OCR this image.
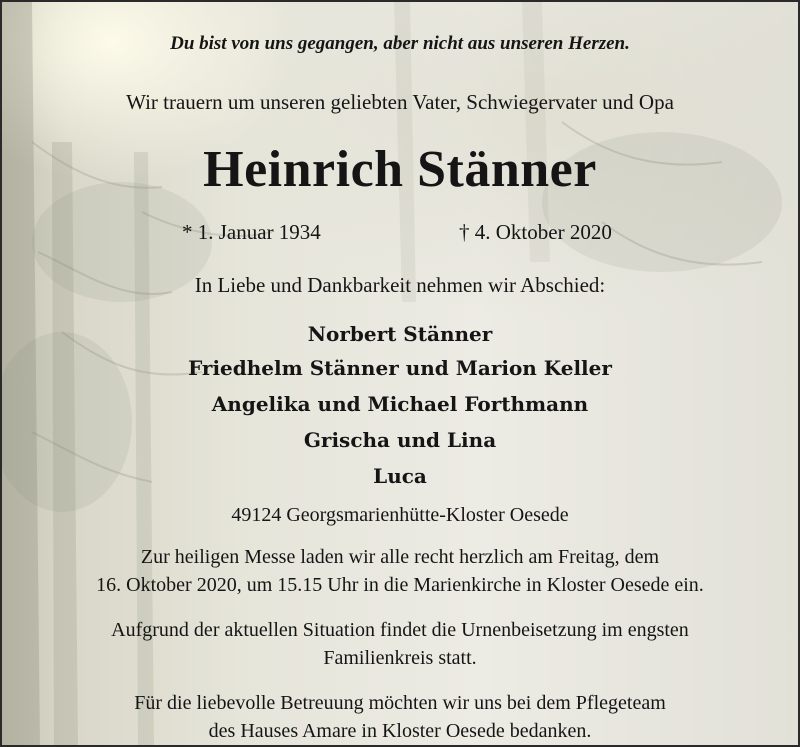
Du bist von uns gegangen, aber nicht aus unseren Herzen.
Wir trauern um unseren geliebten Vater, Schwiegervater und Opa
Heinrich Stänner
* 1. Januar 1934	† 4. Oktober 2020
In Liebe und Dankbarkeit nehmen wir Abschied:
Norbert Stänner
Friedhelm Stänner und Marion Keller
Angelika und Michael Forthmann
Grischa und Lina
Luca
49124 Georgsmarienhütte-Kloster Oesede
Zur heiligen Messe laden wir alle recht herzlich am Freitag, dem
16. Oktober 2020, um 15.15 Uhr in die Marienkirche in Kloster Oesede ein.
Aufgrund der aktuellen Situation findet die Urnenbeisetzung im engsten
Familienkreis statt.
Für die liebevolle Betreuung möchten wir uns bei dem Pflegeteam
des Hauses Amare in Kloster Oesede bedanken.
